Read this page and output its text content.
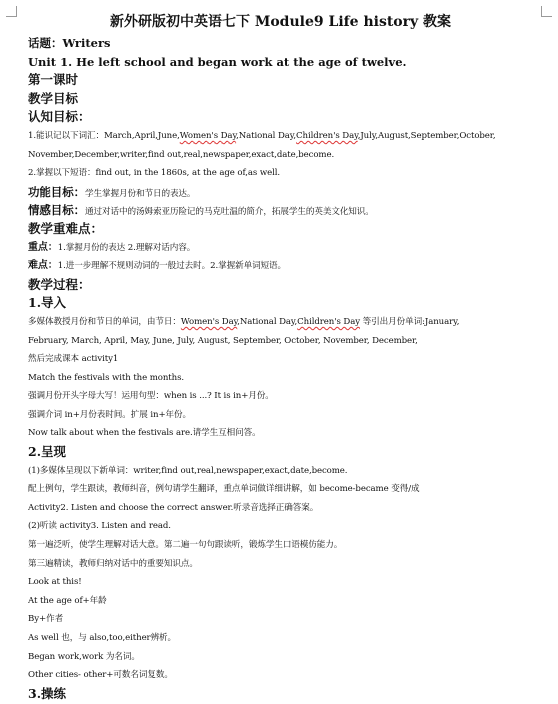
新外研版初中英语七下 Module9 Life history 教案
话题：Writers
Unit 1. He left school and began work at the age of twelve.
第一课时
教学目标
认知目标：
1.能识记以下词汇：March,April,June,Women's Day,National Day,Children's Day,July,August,September,October,
November,December,writer,find out,real,newspaper,exact,date,become.
2.掌握以下短语：find out, in the 1860s, at the age of,as well.
功能目标：学生掌握月份和节日的表达。
情感目标：通过对话中的汤姆索亚历险记的马克吐温的简介，拓展学生的英美文化知识。
教学重难点：
重点：1.掌握月份的表达 2.理解对话内容。
难点：1.进一步理解不规则动词的一般过去时。2.掌握新单词短语。
教学过程：
1.导入
多媒体教授月份和节日的单词，由节日：Women's Day,National Day,Children's Day 等引出月份单词:January,
February, March, April, May, June, July, August, September, October, November, December,
然后完成课本 activity1
Match the festivals with the months.
强调月份开头字母大写！运用句型：when is ...? It is in+月份。
强调介词 in+月份表时间。扩展 in+年份。
Now talk about when the festivals are.请学生互相问答。
2.呈现
(1)多媒体呈现以下新单词：writer,find out,real,newspaper,exact,date,become.
配上例句，学生跟读，教师纠音，例句请学生翻译，重点单词做详细讲解，如 become-became 变得/成
Activity2. Listen and choose the correct answer.听录音选择正确答案。
(2)听读 activity3. Listen and read.
第一遍泛听，使学生理解对话大意。第二遍一句句跟读听，锻炼学生口语模仿能力。
第三遍精读，教师归纳对话中的重要知识点。
Look at this!
At the age of+年龄
By+作者
As well 也，与 also,too,either辨析。
Began work,work 为名词。
Other cities- other+可数名词复数。
3.操练
